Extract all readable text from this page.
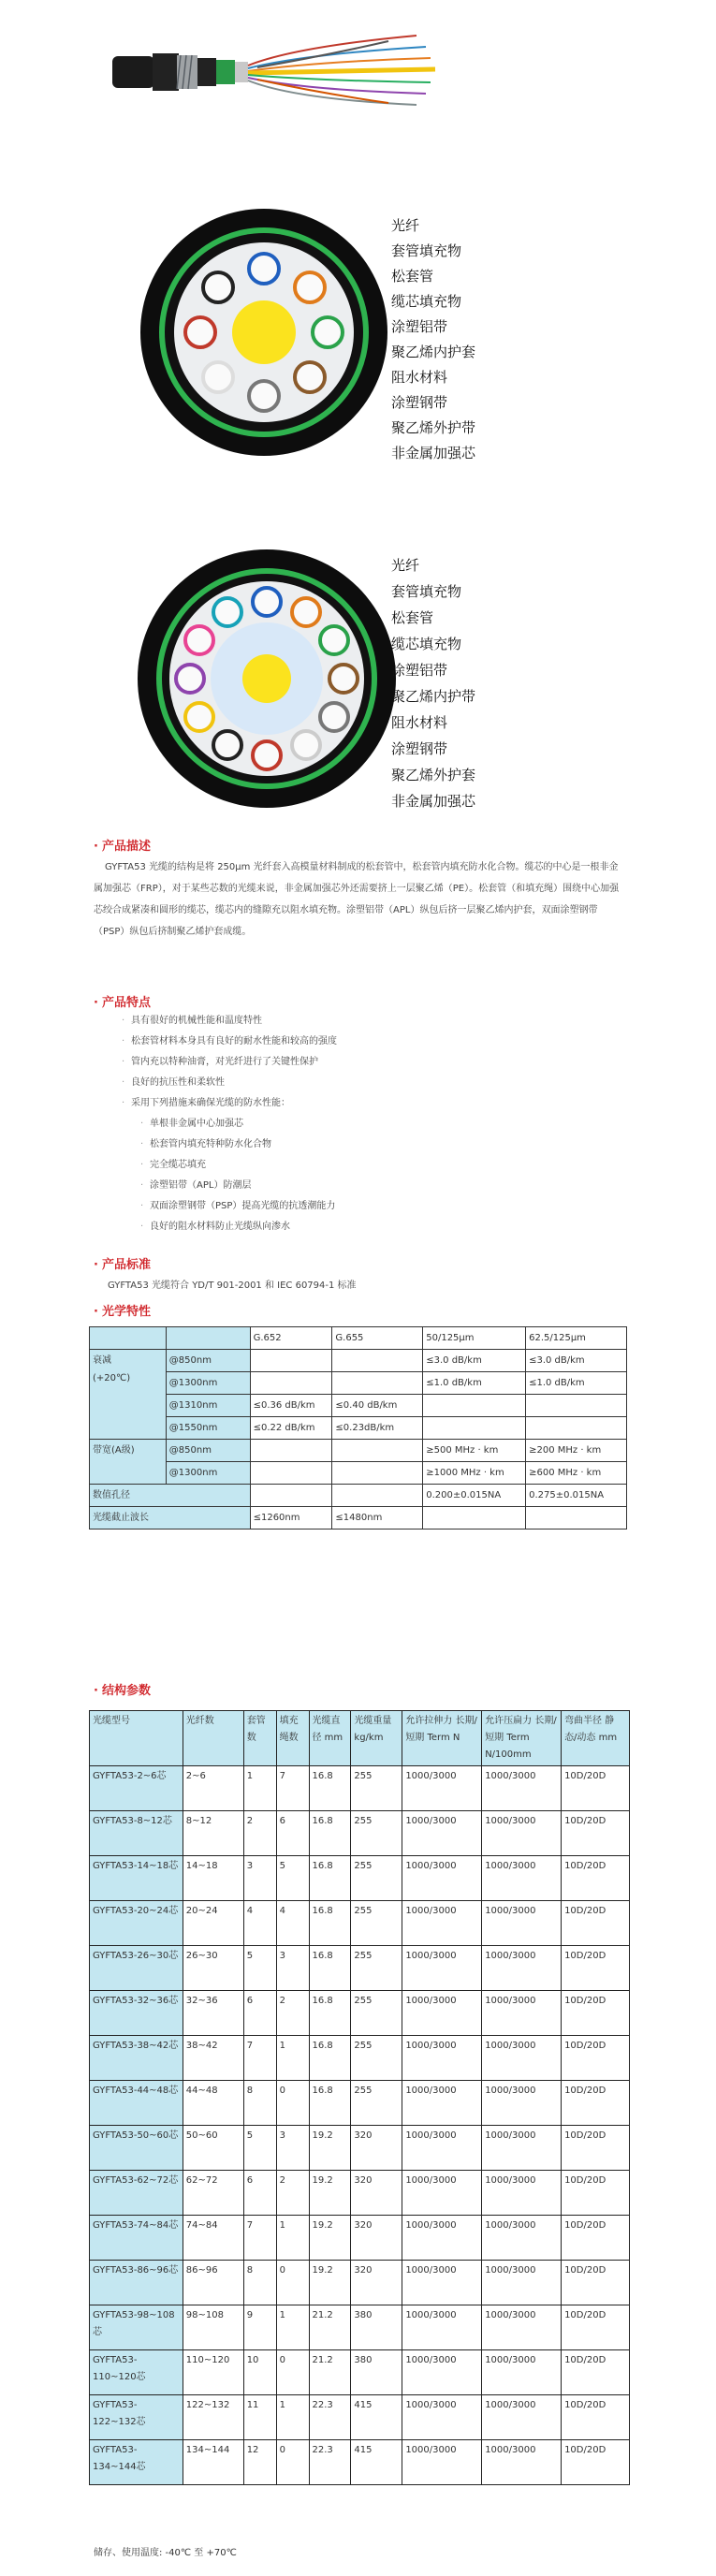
光纤
套管填充物
松套管
缆芯填充物
涂塑铝带
聚乙烯内护套
阻水材料
涂塑钢带
聚乙烯外护带
非金属加强芯
光纤
套管填充物
松套管
缆芯填充物
涂塑铝带
聚乙烯内护带
阻水材料
涂塑钢带
聚乙烯外护套
非金属加强芯
· 产品描述
GYFTA53 光缆的结构是将 250μm 光纤套入高模量材料制成的松套管中，松套管内填充防水化合物。缆芯的中心是一根非金属加强芯（FRP），对于某些芯数的光缆来说，非金属加强芯外还需要挤上一层聚乙烯（PE）。松套管（和填充绳）围绕中心加强芯绞合成紧凑和圆形的缆芯，缆芯内的缝隙充以阻水填充物。涂塑铝带（APL）纵包后挤一层聚乙烯内护套，双面涂塑钢带（PSP）纵包后挤制聚乙烯护套成缆。
· 产品特点
· 具有很好的机械性能和温度特性
· 松套管材料本身具有良好的耐水性能和较高的强度
· 管内充以特种油膏，对光纤进行了关键性保护
· 良好的抗压性和柔软性
· 采用下列措施来确保光缆的防水性能：
· 单根非金属中心加强芯
· 松套管内填充特种防水化合物
· 完全缆芯填充
· 涂塑铝带（APL）防潮层
· 双面涂塑钢带（PSP）提高光缆的抗透潮能力
· 良好的阻水材料防止光缆纵向渗水
· 产品标准
GYFTA53 光缆符合 YD/T 901-2001 和 IEC 60794-1 标准
· 光学特性
		G.652	G.655	50/125μm	62.5/125μm

衰减
(+20℃)	@850nm			≤3.0 dB/km	≤3.0 dB/km
	@1300nm			≤1.0 dB/km	≤1.0 dB/km
	@1310nm	≤0.36 dB/km	≤0.40 dB/km		
	@1550nm	≤0.22 dB/km	≤0.23dB/km		
带宽(A级)	@850nm			≥500 MHz · km	≥200 MHz · km
	@1300nm			≥1000 MHz · km	≥600 MHz · km
数值孔径				0.200±0.015NA	0.275±0.015NA
光缆截止波长		≤1260nm	≤1480nm		
· 结构参数
光缆型号	光纤数	套管数	填充绳数	光缆直径 mm	光缆重量 kg/km	允许拉伸力 长期/短期 Term N	允许压扁力 长期/短期 Term N/100mm	弯曲半径 静态/动态 mm
GYFTA53-2~6芯	2~6	1	7	16.8	255	1000/3000	1000/3000	10D/20D
GYFTA53-8~12芯	8~12	2	6	16.8	255	1000/3000	1000/3000	10D/20D
GYFTA53-14~18芯	14~18	3	5	16.8	255	1000/3000	1000/3000	10D/20D
GYFTA53-20~24芯	20~24	4	4	16.8	255	1000/3000	1000/3000	10D/20D
GYFTA53-26~30芯	26~30	5	3	16.8	255	1000/3000	1000/3000	10D/20D
GYFTA53-32~36芯	32~36	6	2	16.8	255	1000/3000	1000/3000	10D/20D
GYFTA53-38~42芯	38~42	7	1	16.8	255	1000/3000	1000/3000	10D/20D
GYFTA53-44~48芯	44~48	8	0	16.8	255	1000/3000	1000/3000	10D/20D
GYFTA53-50~60芯	50~60	5	3	19.2	320	1000/3000	1000/3000	10D/20D
GYFTA53-62~72芯	62~72	6	2	19.2	320	1000/3000	1000/3000	10D/20D
GYFTA53-74~84芯	74~84	7	1	19.2	320	1000/3000	1000/3000	10D/20D
GYFTA53-86~96芯	86~96	8	0	19.2	320	1000/3000	1000/3000	10D/20D
GYFTA53-98~108芯	98~108	9	1	21.2	380	1000/3000	1000/3000	10D/20D
GYFTA53-110~120芯	110~120	10	0	21.2	380	1000/3000	1000/3000	10D/20D
GYFTA53-122~132芯	122~132	11	1	22.3	415	1000/3000	1000/3000	10D/20D
GYFTA53-134~144芯	134~144	12	0	22.3	415	1000/3000	1000/3000	10D/20D
储存、使用温度: -40℃ 至 +70℃
